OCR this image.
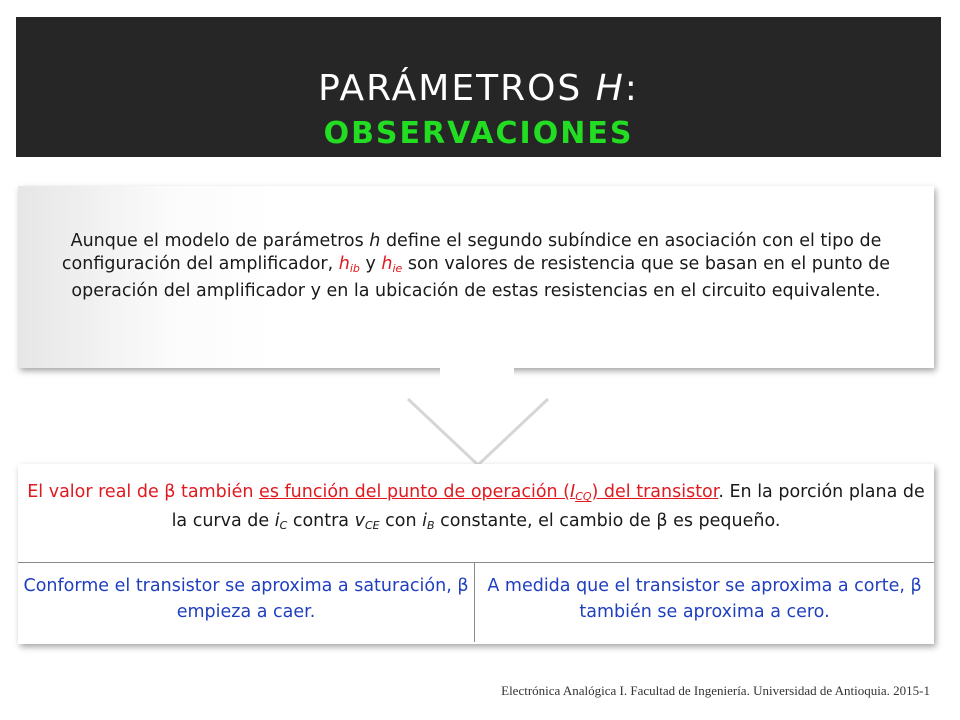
PARÁMETROS H:
OBSERVACIONES
Aunque el modelo de parámetros h define el segundo subíndice en asociación con el tipo de configuración del amplificador, $h_{ib}$ y $h_{ie}$ son valores de resistencia que se basan en el punto de operación del amplificador y en la ubicación de estas resistencias en el circuito equivalente.
El valor real de β también es función del punto de operación $(I_{CQ})$ del transistor. En la porción plana de la curva de $i_C$ contra $v_{CE}$ con $i_B$ constante, el cambio de β es pequeño.
Conforme el transistor se aproxima a saturación, β empieza a caer.
A medida que el transistor se aproxima a corte, β también se aproxima a cero.
Electrónica Analógica I. Facultad de Ingeniería. Universidad de Antioquia. 2015-1
